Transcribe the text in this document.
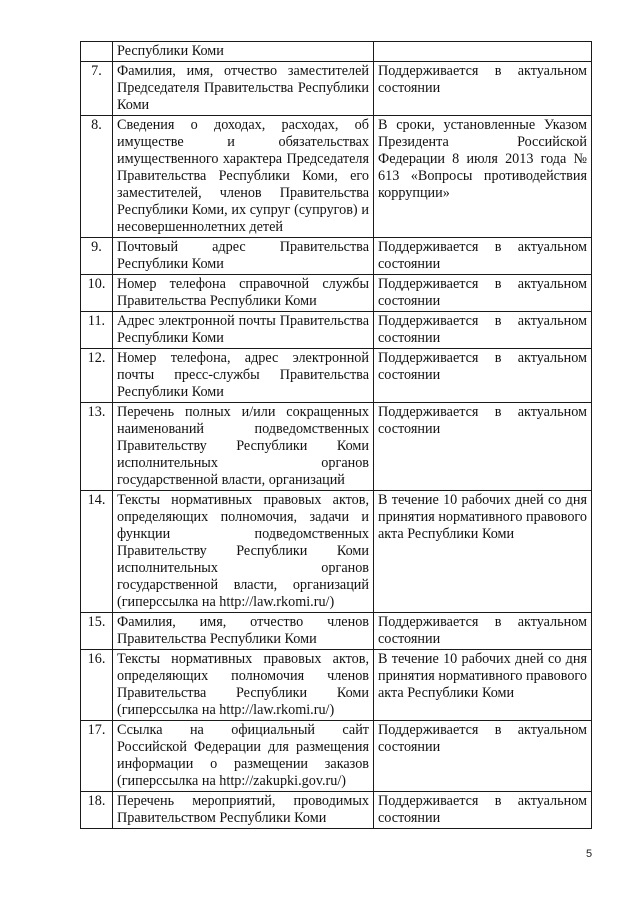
	Республики Коми	
7.	Фамилия, имя, отчество заместителей Председателя Правительства Республики Коми	Поддерживается в актуальном состоянии
8.	Сведения о доходах, расходах, об имуществе и обязательствах имущественного характера Председателя Правительства Республики Коми, его заместителей, членов Правительства Республики Коми, их супруг (супругов) и несовершеннолетних детей	В сроки, установленные Указом Президента Российской Федерации 8 июля 2013 года № 613 «Вопросы противодействия коррупции»
9.	Почтовый адрес Правительства Республики Коми	Поддерживается в актуальном состоянии
10.	Номер телефона справочной службы Правительства Республики Коми	Поддерживается в актуальном состоянии
11.	Адрес электронной почты Правительства Республики Коми	Поддерживается в актуальном состоянии
12.	Номер телефона, адрес электронной почты пресс-службы Правительства Республики Коми	Поддерживается в актуальном состоянии
13.	Перечень полных и/или сокращенных наименований подведомственных Правительству Республики Коми исполнительных органов государственной власти, организаций	Поддерживается в актуальном состоянии
14.	Тексты нормативных правовых актов, определяющих полномочия, задачи и функции подведомственных Правительству Республики Коми исполнительных органов государственной власти, организаций (гиперссылка на http://law.rkomi.ru/)	В течение 10 рабочих дней со дня принятия нормативного правового акта Республики Коми
15.	Фамилия, имя, отчество членов Правительства Республики Коми	Поддерживается в актуальном состоянии
16.	Тексты нормативных правовых актов, определяющих полномочия членов Правительства Республики Коми (гиперссылка на http://law.rkomi.ru/)	В течение 10 рабочих дней со дня принятия нормативного правового акта Республики Коми
17.	Ссылка на официальный сайт Российской Федерации для размещения информации о размещении заказов (гиперссылка на http://zakupki.gov.ru/)	Поддерживается в актуальном состоянии
18.	Перечень мероприятий, проводимых Правительством Республики Коми	Поддерживается в актуальном состоянии
5
